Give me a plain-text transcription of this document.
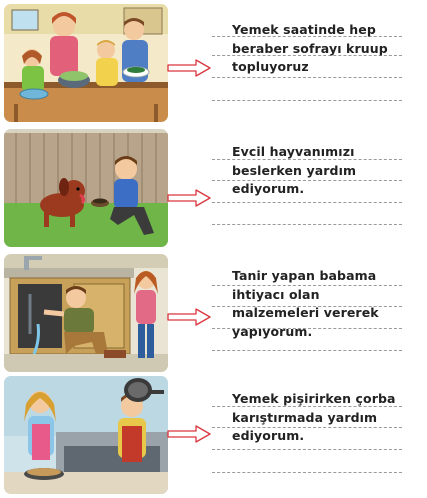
Yemek saatinde hep
beraber sofrayı kruup
topluyoruz
Evcil hayvanımızı
beslerken yardım
ediyorum.
Tanir yapan babama
ihtiyacı olan
malzemeleri vererek
yapıyorum.
Yemek pişirirken çorba
karıştırmada yardım
ediyorum.
